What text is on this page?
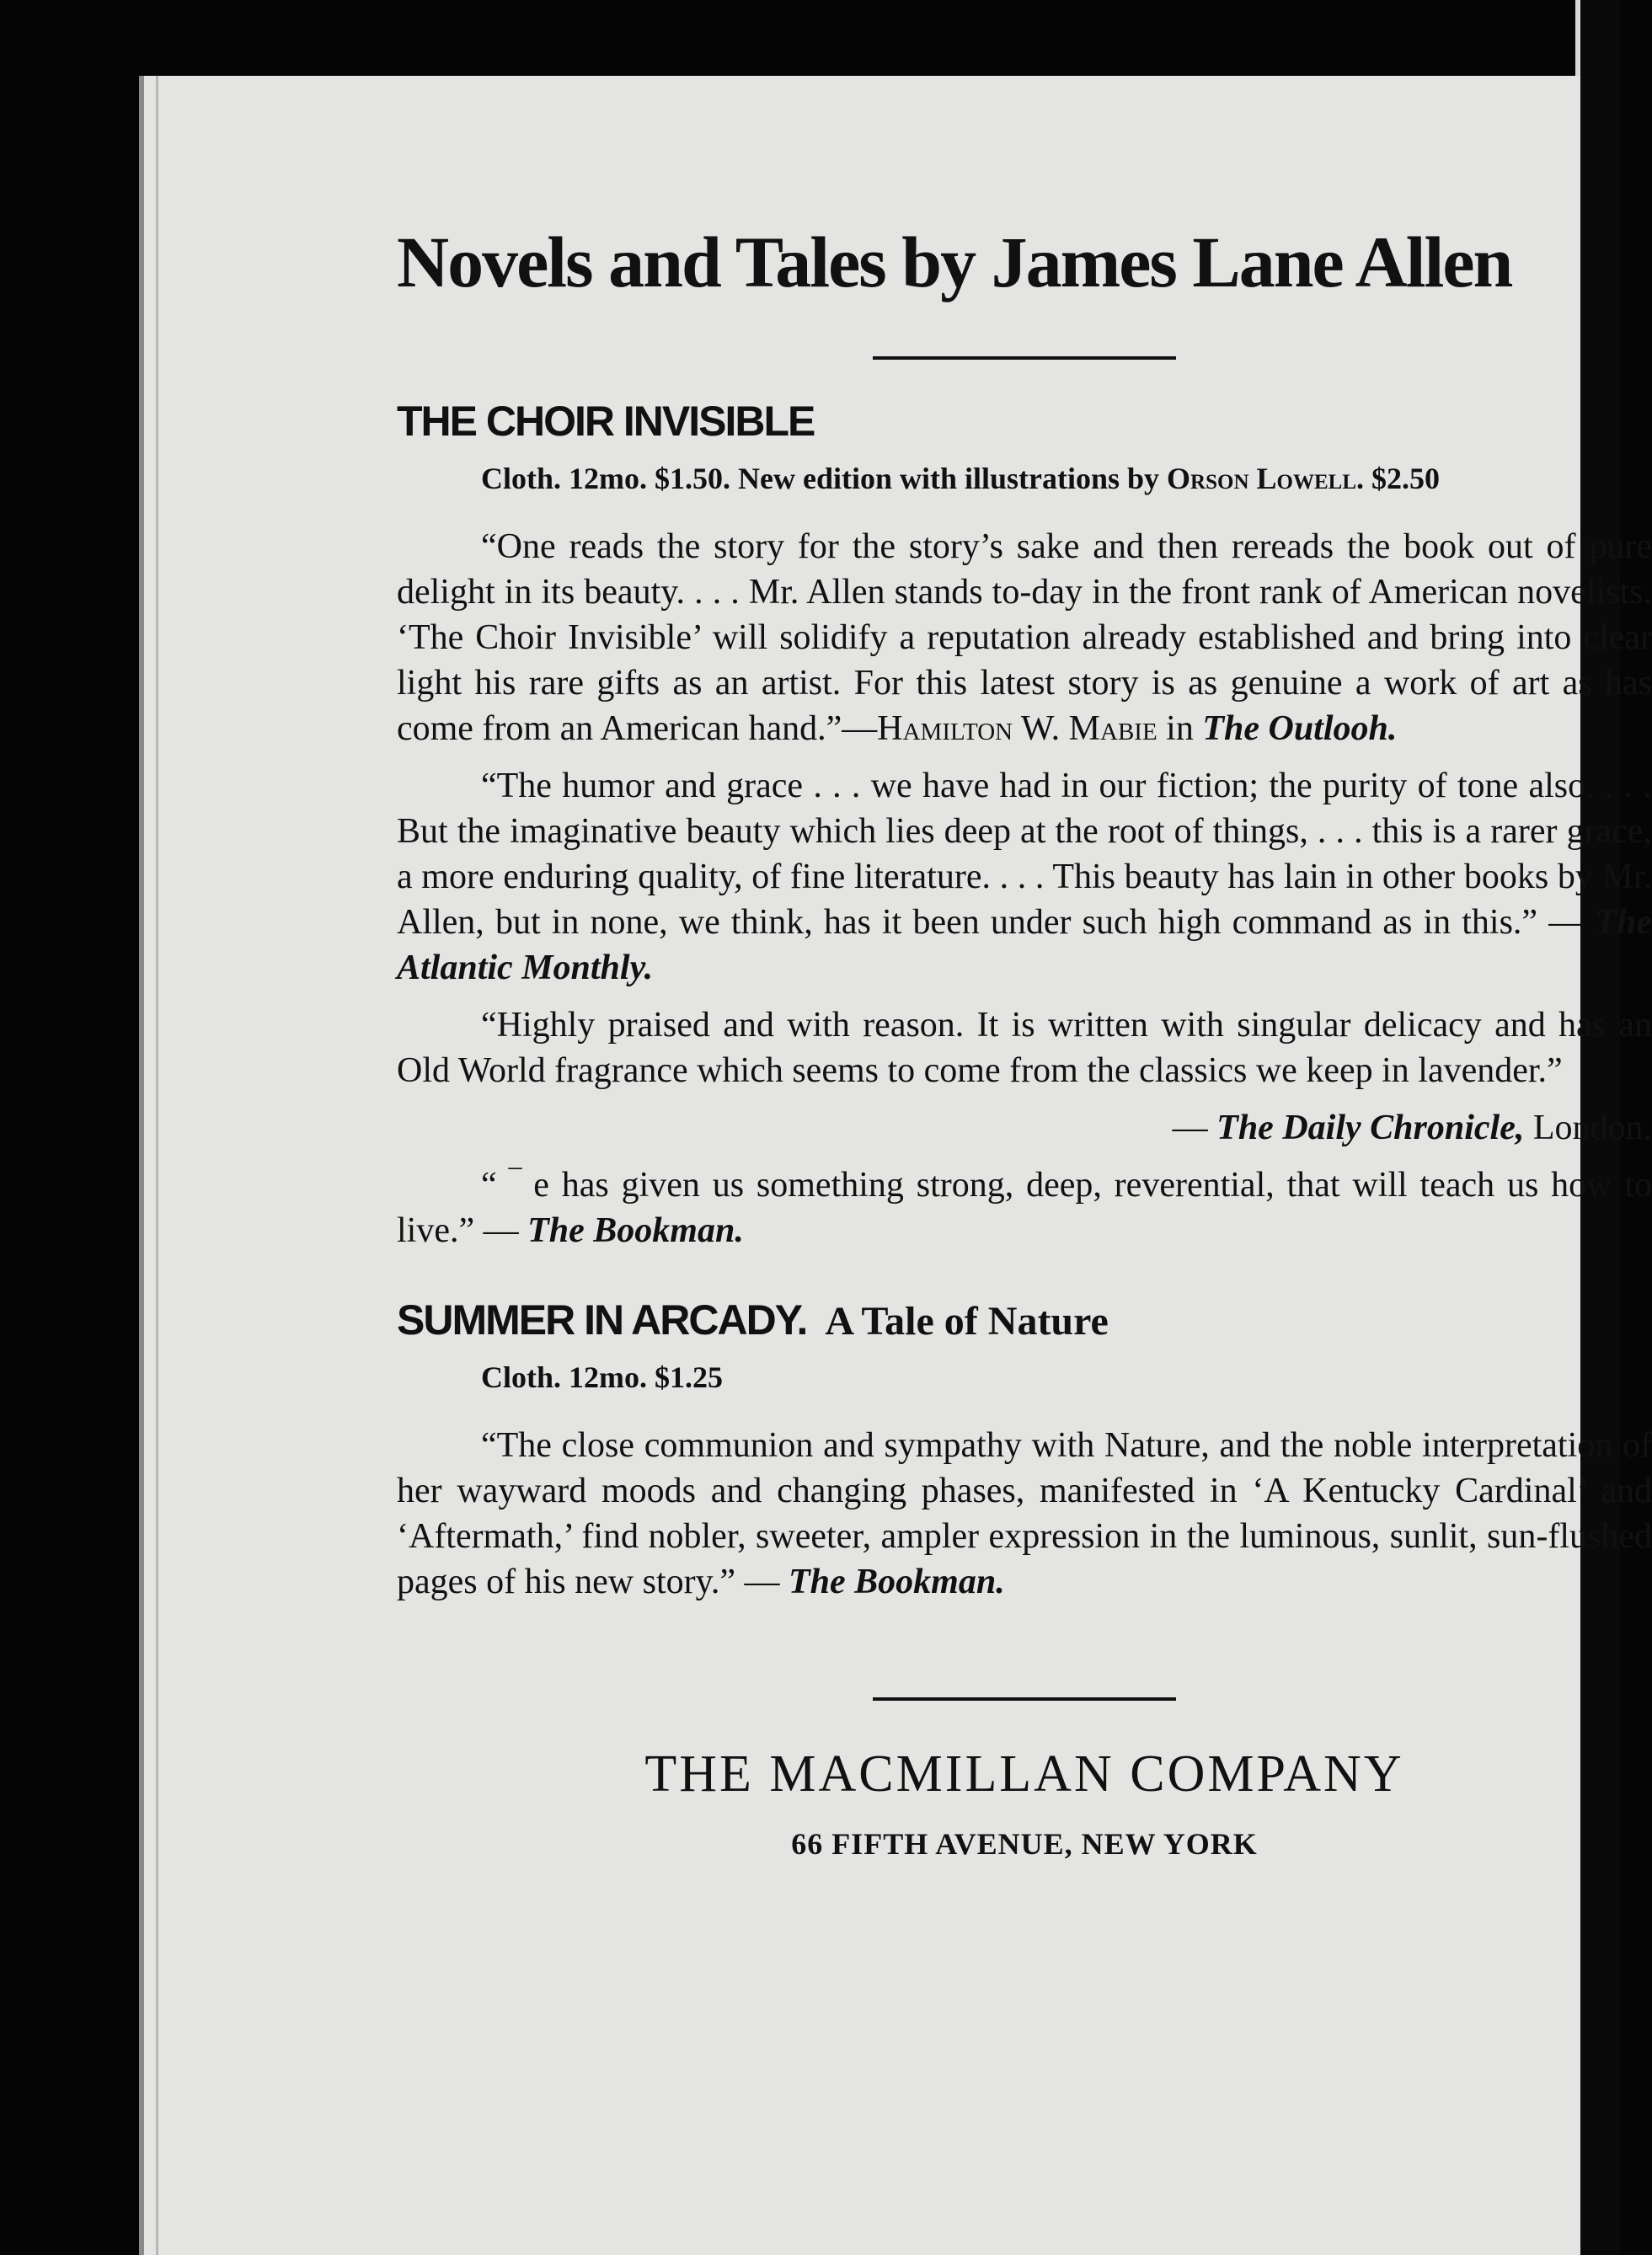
Novels and Tales by James Lane Allen
THE CHOIR INVISIBLE

Cloth. 12mo. $1.50. New edition with illustrations by Orson Lowell. $2.50

“One reads the story for the story’s sake and then rereads the book out of pure delight in its beauty. . . . Mr. Allen stands to-day in the front rank of American novelists. ‘The Choir Invisible’ will solidify a reputation already established and bring into clear light his rare gifts as an artist. For this latest story is as genuine a work of art as has come from an American hand.”—Hamilton W. Mabie in The Outlooh.

“The humor and grace . . . we have had in our fiction; the purity of tone also. . . . But the imaginative beauty which lies deep at the root of things, . . . this is a rarer grace, a more enduring quality, of fine literature. . . . This beauty has lain in other books by Mr. Allen, but in none, we think, has it been under such high command as in this.” — The Atlantic Monthly.

“Highly praised and with reason. It is written with singular delicacy and has an Old World fragrance which seems to come from the classics we keep in lavender.”

— The Daily Chronicle, London.

“ ‾ e has given us something strong, deep, reverential, that will teach us how to live.” — The Bookman.

SUMMER IN ARCADY. A Tale of Nature

Cloth. 12mo. $1.25

“The close communion and sympathy with Nature, and the noble interpretation of her wayward moods and changing phases, manifested in ‘A Kentucky Cardinal’ and ‘Aftermath,’ find nobler, sweeter, ampler expression in the luminous, sunlit, sun-flushed pages of his new story.” — The Bookman.

THE MACMILLAN COMPANY
66 FIFTH AVENUE, NEW YORK
